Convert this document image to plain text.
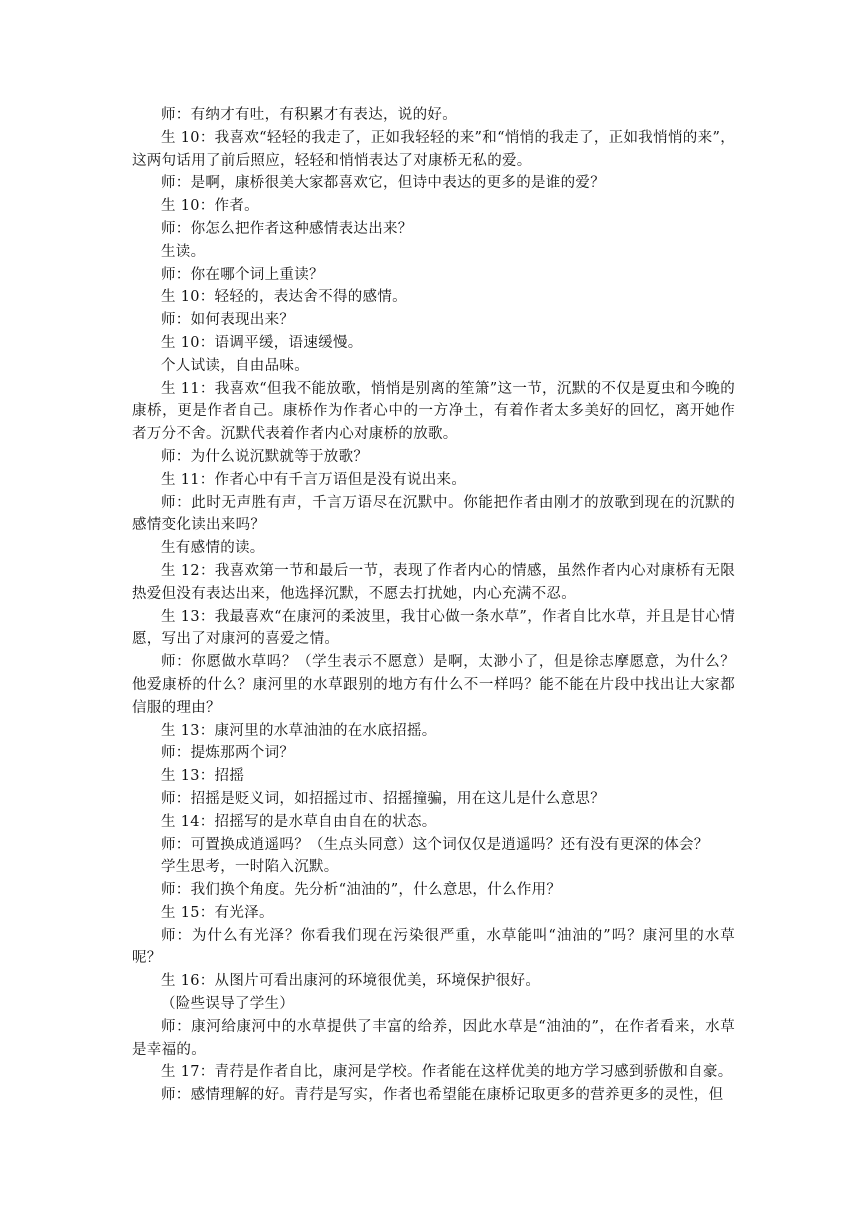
师：有纳才有吐，有积累才有表达，说的好。

生 10：我喜欢“轻轻的我走了，正如我轻轻的来”和“悄悄的我走了，正如我悄悄的来”，这两句话用了前后照应，轻轻和悄悄表达了对康桥无私的爱。

师：是啊，康桥很美大家都喜欢它，但诗中表达的更多的是谁的爱？

生 10：作者。

师：你怎么把作者这种感情表达出来？

生读。

师：你在哪个词上重读？

生 10：轻轻的，表达舍不得的感情。

师：如何表现出来？

生 10：语调平缓，语速缓慢。

个人试读，自由品味。

生 11：我喜欢“但我不能放歌，悄悄是别离的笙箫”这一节，沉默的不仅是夏虫和今晚的康桥，更是作者自己。康桥作为作者心中的一方净土，有着作者太多美好的回忆，离开她作者万分不舍。沉默代表着作者内心对康桥的放歌。

师：为什么说沉默就等于放歌？

生 11：作者心中有千言万语但是没有说出来。

师：此时无声胜有声，千言万语尽在沉默中。你能把作者由刚才的放歌到现在的沉默的感情变化读出来吗？

生有感情的读。

生 12：我喜欢第一节和最后一节，表现了作者内心的情感，虽然作者内心对康桥有无限热爱但没有表达出来，他选择沉默，不愿去打扰她，内心充满不忍。

生 13：我最喜欢“在康河的柔波里，我甘心做一条水草”，作者自比水草，并且是甘心情愿，写出了对康河的喜爱之情。

师：你愿做水草吗？（学生表示不愿意）是啊，太渺小了，但是徐志摩愿意，为什么？他爱康桥的什么？康河里的水草跟别的地方有什么不一样吗？能不能在片段中找出让大家都信服的理由？

生 13：康河里的水草油油的在水底招摇。

师：提炼那两个词？

生 13：招摇

师：招摇是贬义词，如招摇过市、招摇撞骗，用在这儿是什么意思？

生 14：招摇写的是水草自由自在的状态。

师：可置换成逍遥吗？（生点头同意）这个词仅仅是逍遥吗？还有没有更深的体会？

学生思考，一时陷入沉默。

师：我们换个角度。先分析“油油的”，什么意思，什么作用？

生 15：有光泽。

师：为什么有光泽？你看我们现在污染很严重，水草能叫“油油的”吗？康河里的水草呢？

生 16：从图片可看出康河的环境很优美，环境保护很好。

（险些误导了学生）

师：康河给康河中的水草提供了丰富的给养，因此水草是“油油的”，在作者看来，水草是幸福的。

生 17：青荇是作者自比，康河是学校。作者能在这样优美的地方学习感到骄傲和自豪。

师：感情理解的好。青荇是写实，作者也希望能在康桥记取更多的营养更多的灵性，但
